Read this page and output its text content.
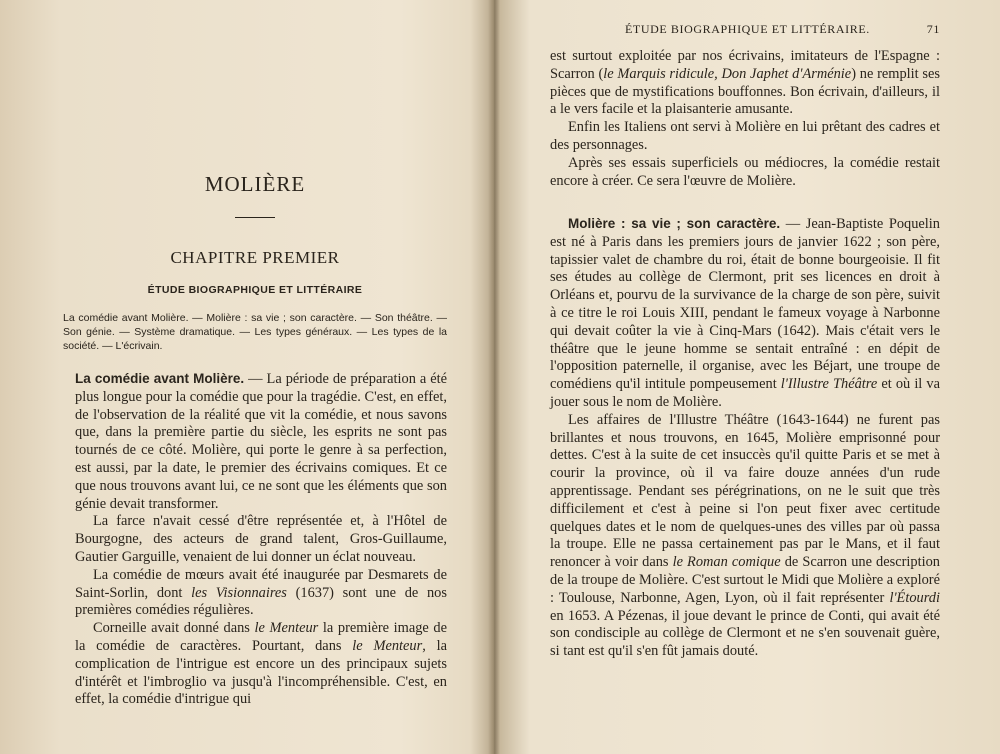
MOLIÈRE
CHAPITRE PREMIER
ÉTUDE BIOGRAPHIQUE ET LITTÉRAIRE

La comédie avant Molière. — Molière : sa vie ; son caractère. — Son théâtre. — Son génie. — Système dramatique. — Les types généraux. — Les types de la société. — L'écrivain.

La comédie avant Molière. — La période de préparation a été plus longue pour la comédie que pour la tragédie. C'est, en effet, de l'observation de la réalité que vit la comédie, et nous savons que, dans la première partie du siècle, les esprits ne sont pas tournés de ce côté. Molière, qui porte le genre à sa perfection, est aussi, par la date, le premier des écrivains comiques. Et ce que nous trouvons avant lui, ce ne sont que les éléments que son génie devait transformer.

La farce n'avait cessé d'être représentée et, à l'Hôtel de Bourgogne, des acteurs de grand talent, Gros-Guillaume, Gautier Garguille, venaient de lui donner un éclat nouveau.

La comédie de mœurs avait été inaugurée par Desmarets de Saint-Sorlin, dont les Visionnaires (1637) sont une de nos premières comédies régulières.

Corneille avait donné dans le Menteur la première image de la comédie de caractères. Pourtant, dans le Menteur, la complication de l'intrigue est encore un des principaux sujets d'intérêt et l'imbroglio va jusqu'à l'incompréhensible. C'est, en effet, la comédie d'intrigue qui

ÉTUDE BIOGRAPHIQUE ET LITTÉRAIRE.	71

est surtout exploitée par nos écrivains, imitateurs de l'Espagne : Scarron (le Marquis ridicule, Don Japhet d'Arménie) ne remplit ses pièces que de mystifications bouffonnes. Bon écrivain, d'ailleurs, il a le vers facile et la plaisanterie amusante.

Enfin les Italiens ont servi à Molière en lui prêtant des cadres et des personnages.

Après ses essais superficiels ou médiocres, la comédie restait encore à créer. Ce sera l'œuvre de Molière.

Molière : sa vie ; son caractère. — Jean-Baptiste Poquelin est né à Paris dans les premiers jours de janvier 1622 ; son père, tapissier valet de chambre du roi, était de bonne bourgeoisie. Il fit ses études au collège de Clermont, prit ses licences en droit à Orléans et, pourvu de la survivance de la charge de son père, suivit à ce titre le roi Louis XIII, pendant le fameux voyage à Narbonne qui devait coûter la vie à Cinq-Mars (1642). Mais c'était vers le théâtre que le jeune homme se sentait entraîné : en dépit de l'opposition paternelle, il organise, avec les Béjart, une troupe de comédiens qu'il intitule pompeusement l'Illustre Théâtre et où il va jouer sous le nom de Molière.

Les affaires de l'Illustre Théâtre (1643-1644) ne furent pas brillantes et nous trouvons, en 1645, Molière emprisonné pour dettes. C'est à la suite de cet insuccès qu'il quitte Paris et se met à courir la province, où il va faire douze années d'un rude apprentissage. Pendant ses pérégrinations, on ne le suit que très difficilement et c'est à peine si l'on peut fixer avec certitude quelques dates et le nom de quelques-unes des villes par où passa la troupe. Elle ne passa certainement pas par le Mans, et il faut renoncer à voir dans le Roman comique de Scarron une description de la troupe de Molière. C'est surtout le Midi que Molière a exploré : Toulouse, Narbonne, Agen, Lyon, où il fait représenter l'Étourdi en 1653. A Pézenas, il joue devant le prince de Conti, qui avait été son condisciple au collège de Clermont et ne s'en souvenait guère, si tant est qu'il s'en fût jamais douté.
